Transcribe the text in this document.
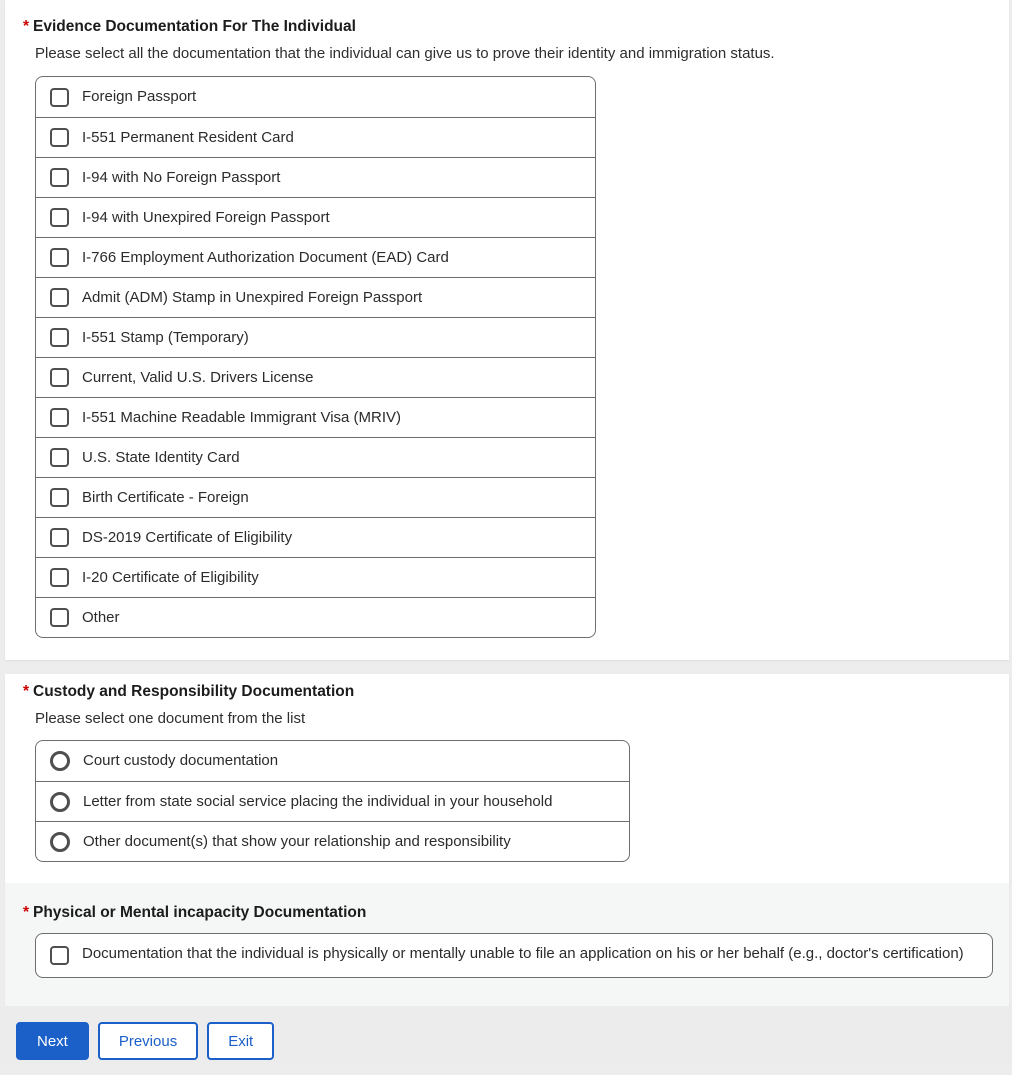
* Evidence Documentation For The Individual

Please select all the documentation that the individual can give us to prove their identity and immigration status.

Foreign Passport
I-551 Permanent Resident Card
I-94 with No Foreign Passport
I-94 with Unexpired Foreign Passport
I-766 Employment Authorization Document (EAD) Card
Admit (ADM) Stamp in Unexpired Foreign Passport
I-551 Stamp (Temporary)
Current, Valid U.S. Drivers License
I-551 Machine Readable Immigrant Visa (MRIV)
U.S. State Identity Card
Birth Certificate - Foreign
DS-2019 Certificate of Eligibility
I-20 Certificate of Eligibility
Other
* Custody and Responsibility Documentation

Please select one document from the list

Court custody documentation
Letter from state social service placing the individual in your household
Other document(s) that show your relationship and responsibility
* Physical or Mental incapacity Documentation
Documentation that the individual is physically or mentally unable to file an application on his or her behalf (e.g., doctor's certification)
Next	Previous	Exit
